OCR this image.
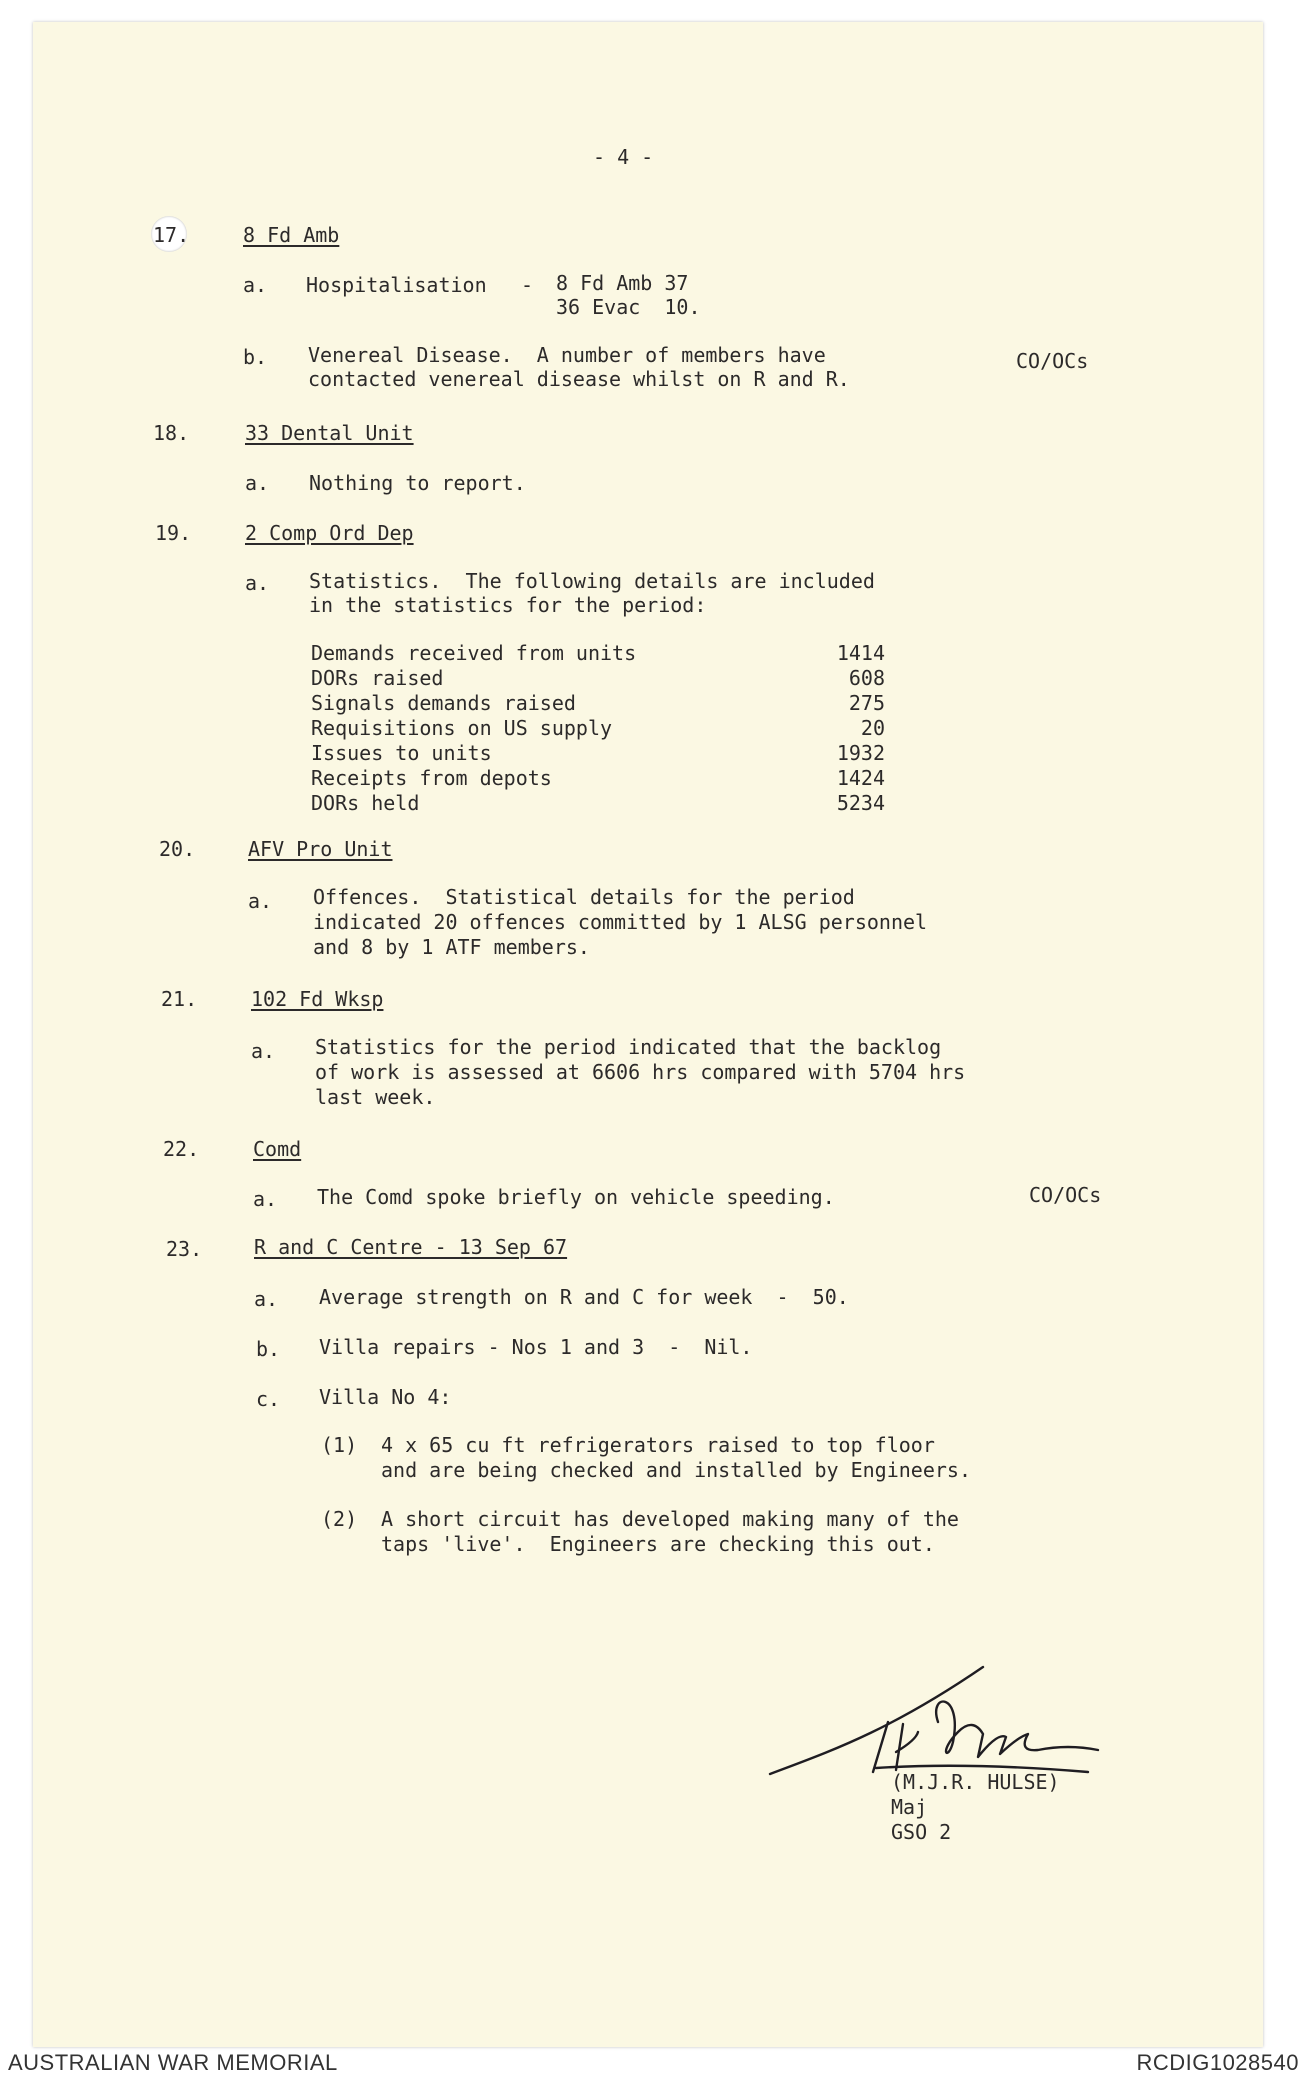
- 4 -
17.	8 Fd Amb
a. Hospitalisation - 8 Fd Amb 37
36 Evac  10.
b. Venereal Disease.  A number of members have
contacted venereal disease whilst on R and R.
CO/OCs
18.	33 Dental Unit
a. Nothing to report.
19.	2 Comp Ord Dep
a. Statistics.  The following details are included
in the statistics for the period:
Demands received from units	1414
DORs raised	608
Signals demands raised	275
Requisitions on US supply	20
Issues to units	1932
Receipts from depots	1424
DORs held	5234
20.	AFV Pro Unit
a. Offences.  Statistical details for the period
indicated 20 offences committed by 1 ALSG personnel
and 8 by 1 ATF members.
21.	102 Fd Wksp
a. Statistics for the period indicated that the backlog
of work is assessed at 6606 hrs compared with 5704 hrs
last week.
22.	Comd
a. The Comd spoke briefly on vehicle speeding.	CO/OCs
23.	R and C Centre - 13 Sep 67
a. Average strength on R and C for week  -  50.
b. Villa repairs - Nos 1 and 3  -  Nil.
c. Villa No 4:
(1) 4 x 65 cu ft refrigerators raised to top floor
and are being checked and installed by Engineers.
(2) A short circuit has developed making many of the
taps 'live'.  Engineers are checking this out.
(M.J.R. HULSE)
Maj
GSO 2
AUSTRALIAN WAR MEMORIAL	RCDIG1028540
